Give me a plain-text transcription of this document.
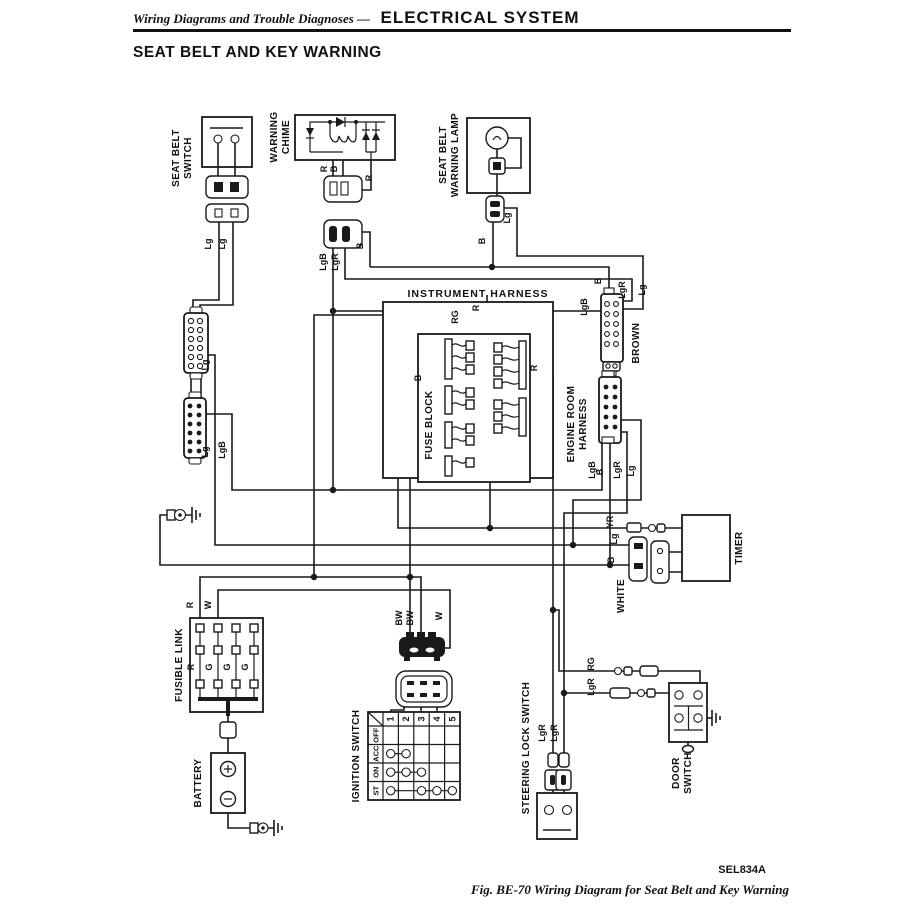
Wiring Diagrams and Trouble Diagnoses — ELECTRICAL SYSTEM
SEAT BELT AND KEY WARNING
SEAT BELT SWITCH	WARNING CHIME	SEAT BELT WARNING LAMP
INSTRUMENT HARNESS
FUSE BLOCK
BROWN
ENGINE ROOM HARNESS
TIMER
WHITE
FUSIBLE LINK
BATTERY	IGNITION SWITCH	1 2 3 4 5
OFF
ACC
ON
ST	STEERING LOCK SWITCH	DOOR SWITCH
Lg Lg
Lg
Lg LgB
R B
R
LgB LgR
B
Lg
B
RG
R
B
R
B
LgB
LgR Lg
LgB
B LgR Lg
YR
Lg
B
R W
R G G G
BW BW W
RG
LgR
LgR LgR
SEL834A
Fig. BE-70 Wiring Diagram for Seat Belt and Key Warning
